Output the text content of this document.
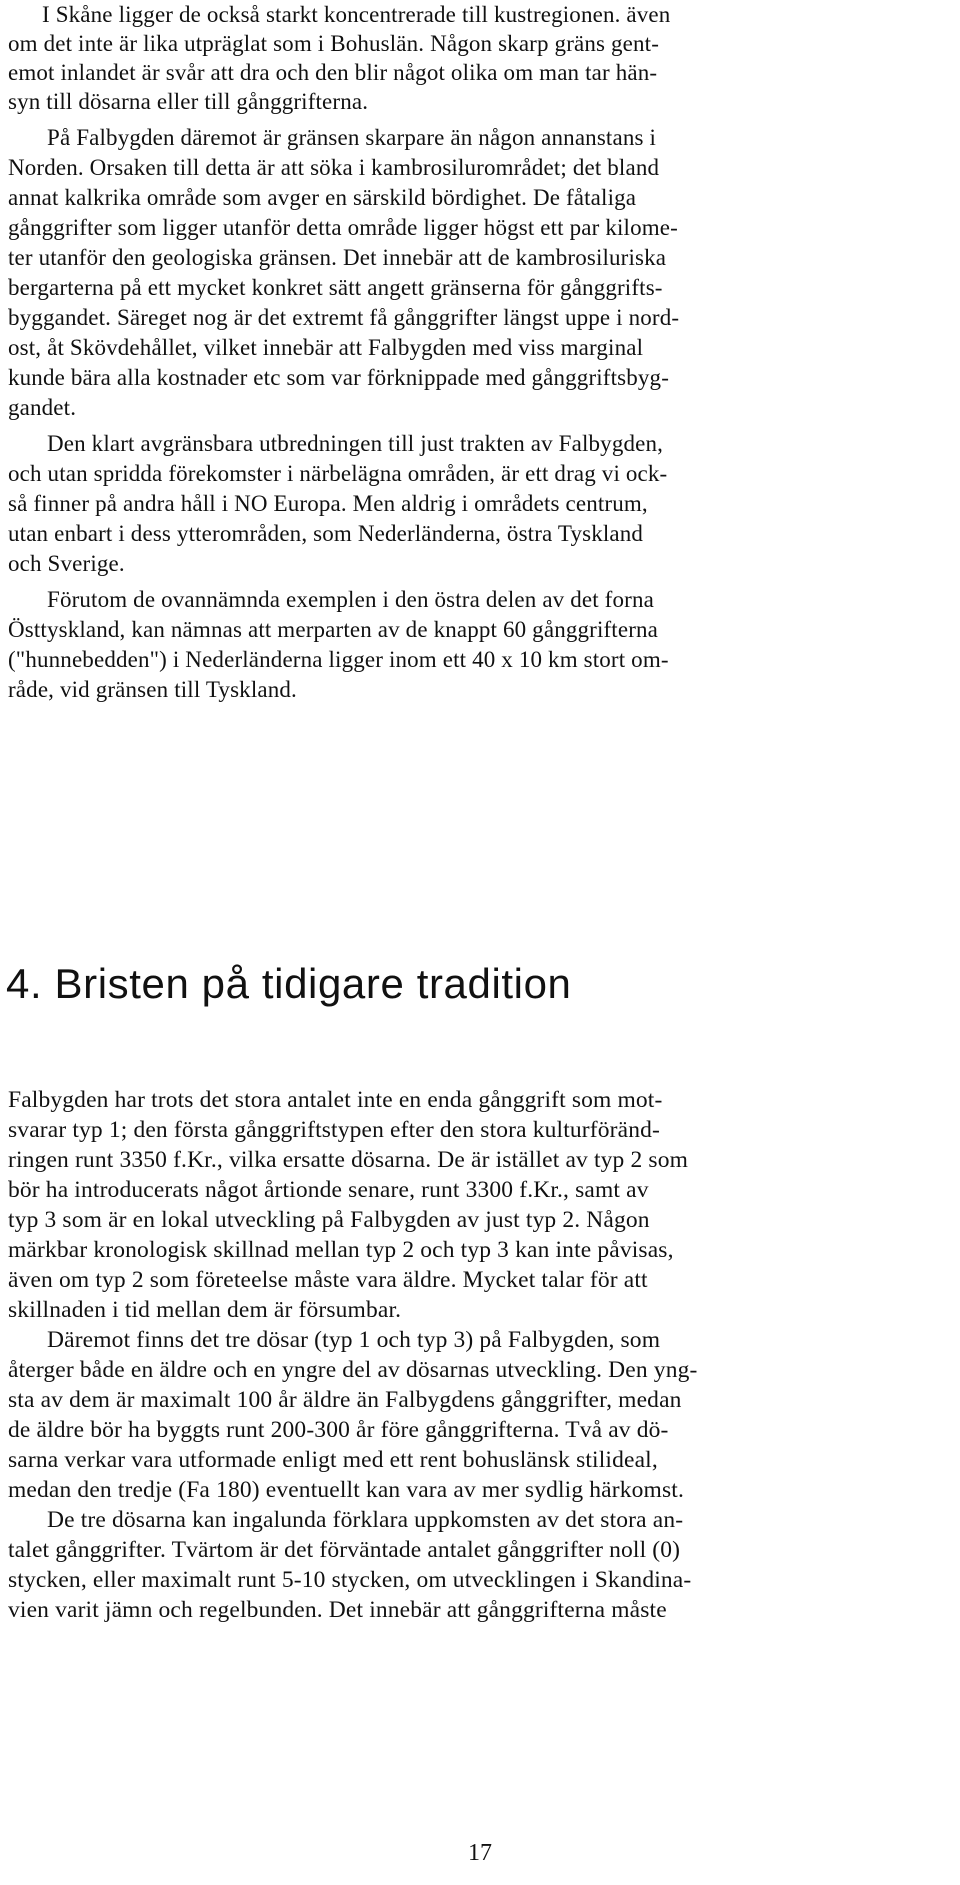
I Skåne ligger de också starkt koncentrerade till kustregionen. även
om det inte är lika utpräglat som i Bohuslän. Någon skarp gräns gent-
emot inlandet är svår att dra och den blir något olika om man tar hän-
syn till dösarna eller till gånggrifterna.
På Falbygden däremot är gränsen skarpare än någon annanstans i
Norden. Orsaken till detta är att söka i kambrosilurområdet; det bland
annat kalkrika område som avger en särskild bördighet. De fåtaliga
gånggrifter som ligger utanför detta område ligger högst ett par kilome-
ter utanför den geologiska gränsen. Det innebär att de kambrosiluriska
bergarterna på ett mycket konkret sätt angett gränserna för gånggrifts-
byggandet. Säreget nog är det extremt få gånggrifter längst uppe i nord-
ost, åt Skövdehållet, vilket innebär att Falbygden med viss marginal
kunde bära alla kostnader etc som var förknippade med gånggriftsbyg-
gandet.
Den klart avgränsbara utbredningen till just trakten av Falbygden,
och utan spridda förekomster i närbelägna områden, är ett drag vi ock-
så finner på andra håll i NO Europa. Men aldrig i områdets centrum,
utan enbart i dess ytterområden, som Nederländerna, östra Tyskland
och Sverige.
Förutom de ovannämnda exemplen i den östra delen av det forna
Östtyskland, kan nämnas att merparten av de knappt 60 gånggrifterna
("hunnebedden") i Nederländerna ligger inom ett 40 x 10 km stort om-
råde, vid gränsen till Tyskland.
4. Bristen på tidigare tradition
Falbygden har trots det stora antalet inte en enda gånggrift som mot-
svarar typ 1; den första gånggriftstypen efter den stora kulturföränd-
ringen runt 3350 f.Kr., vilka ersatte dösarna. De är istället av typ 2 som
bör ha introducerats något årtionde senare, runt 3300 f.Kr., samt av
typ 3 som är en lokal utveckling på Falbygden av just typ 2. Någon
märkbar kronologisk skillnad mellan typ 2 och typ 3 kan inte påvisas,
även om typ 2 som företeelse måste vara äldre. Mycket talar för att
skillnaden i tid mellan dem är försumbar.
Däremot finns det tre dösar (typ 1 och typ 3) på Falbygden, som
återger både en äldre och en yngre del av dösarnas utveckling. Den yng-
sta av dem är maximalt 100 år äldre än Falbygdens gånggrifter, medan
de äldre bör ha byggts runt 200-300 år före gånggrifterna. Två av dö-
sarna verkar vara utformade enligt med ett rent bohuslänsk stilideal,
medan den tredje (Fa 180) eventuellt kan vara av mer sydlig härkomst.
De tre dösarna kan ingalunda förklara uppkomsten av det stora an-
talet gånggrifter. Tvärtom är det förväntade antalet gånggrifter noll (0)
stycken, eller maximalt runt 5-10 stycken, om utvecklingen i Skandina-
vien varit jämn och regelbunden. Det innebär att gånggrifterna måste
17
